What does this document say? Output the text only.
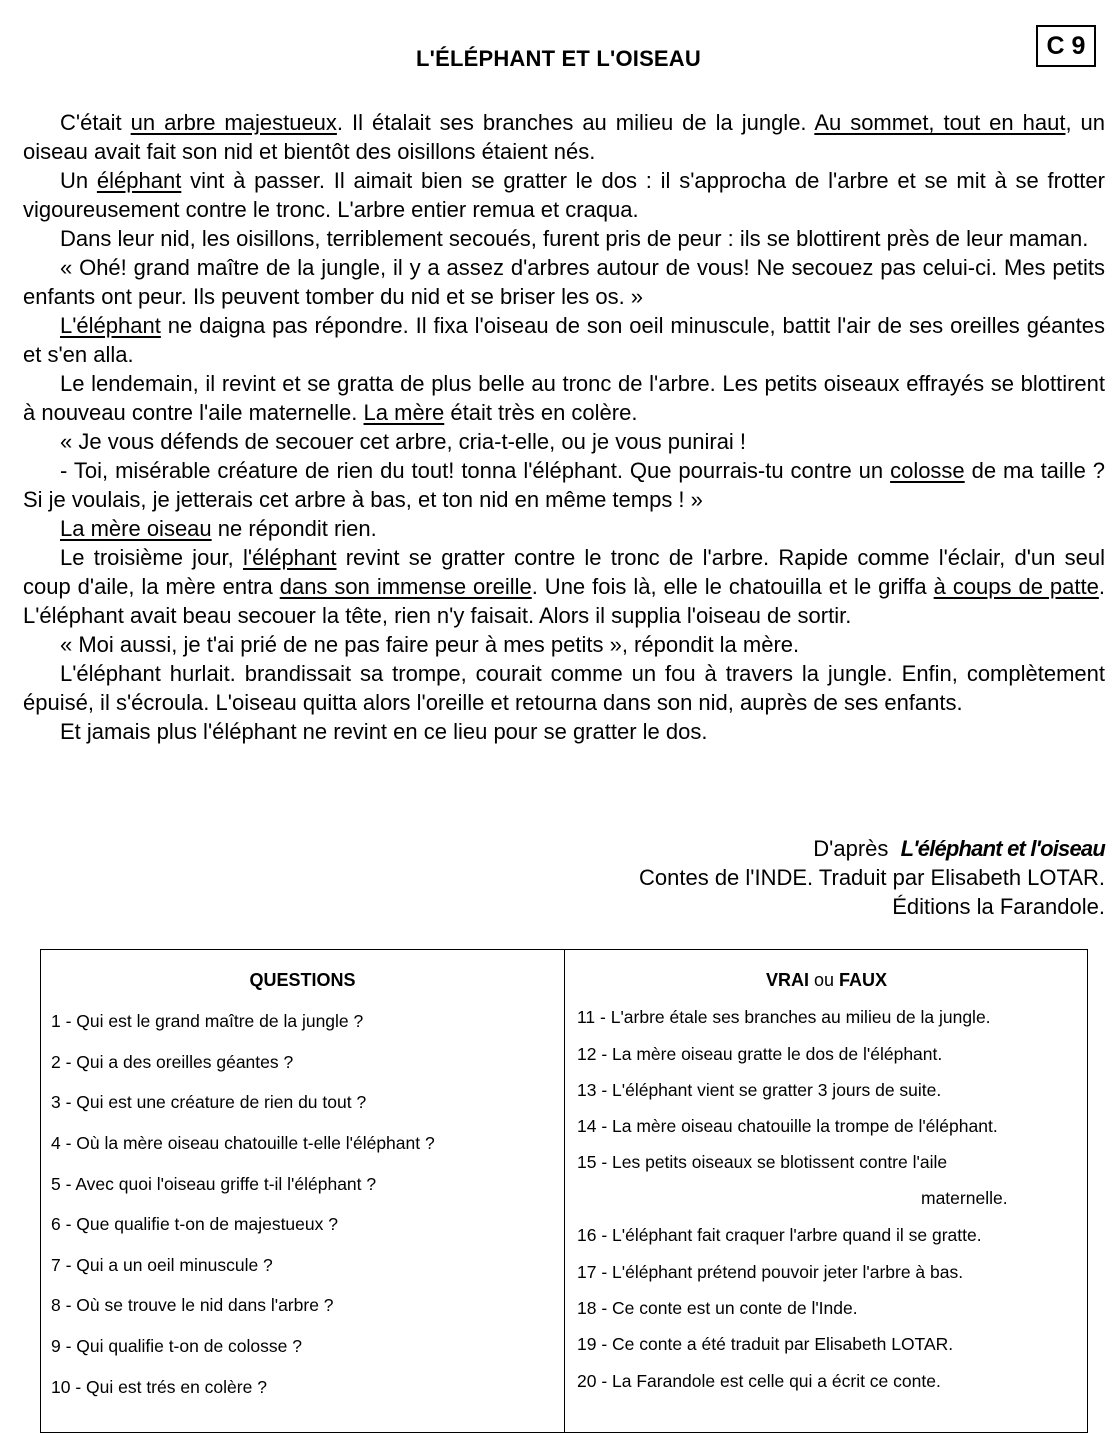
L'ÉLÉPHANT ET L'OISEAU	C 9

C'était un arbre majestueux. Il étalait ses branches au milieu de la jungle. Au sommet, tout en haut, un oiseau avait fait son nid et bientôt des oisillons étaient nés.

Un éléphant vint à passer. Il aimait bien se gratter le dos : il s'approcha de l'arbre et se mit à se frotter vigoureusement contre le tronc. L'arbre entier remua et craqua.

Dans leur nid, les oisillons, terriblement secoués, furent pris de peur : ils se blottirent près de leur maman.

« Ohé! grand maître de la jungle, il y a assez d'arbres autour de vous! Ne secouez pas celui-ci. Mes petits enfants ont peur. Ils peuvent tomber du nid et se briser les os. »

L'éléphant ne daigna pas répondre. Il fixa l'oiseau de son oeil minuscule, battit l'air de ses oreilles géantes et s'en alla.

Le lendemain, il revint et se gratta de plus belle au tronc de l'arbre. Les petits oiseaux effrayés se blottirent à nouveau contre l'aile maternelle. La mère était très en colère.

« Je vous défends de secouer cet arbre, cria-t-elle, ou je vous punirai !

- Toi, misérable créature de rien du tout! tonna l'éléphant. Que pourrais-tu contre un colosse de ma taille ? Si je voulais, je jetterais cet arbre à bas, et ton nid en même temps ! »

La mère oiseau ne répondit rien.

Le troisième jour, l'éléphant revint se gratter contre le tronc de l'arbre. Rapide comme l'éclair, d'un seul coup d'aile, la mère entra dans son immense oreille. Une fois là, elle le chatouilla et le griffa à coups de patte. L'éléphant avait beau secouer la tête, rien n'y faisait. Alors il supplia l'oiseau de sortir.

« Moi aussi, je t'ai prié de ne pas faire peur à mes petits », répondit la mère.

L'éléphant hurlait. brandissait sa trompe, courait comme un fou à travers la jungle. Enfin, complètement épuisé, il s'écroula. L'oiseau quitta alors l'oreille et retourna dans son nid, auprès de ses enfants.

Et jamais plus l'éléphant ne revint en ce lieu pour se gratter le dos.

D'après L'éléphant et l'oiseau
Contes de l'INDE. Traduit par Elisabeth LOTAR.
Éditions la Farandole.
QUESTIONS	VRAI ou FAUX
1 - Qui est le grand maître de la jungle ?
2 - Qui a des oreilles géantes ?
3 - Qui est une créature de rien du tout ?
4 - Où la mère oiseau chatouille t-elle l'éléphant ?
5 - Avec quoi l'oiseau griffe t-il l'éléphant ?
6 - Que qualifie t-on de majestueux ?
7 - Qui a un oeil minuscule ?
8 - Où se trouve le nid dans l'arbre ?
9 - Qui qualifie t-on de colosse ?
10 - Qui est trés en colère ?
11 - L'arbre étale ses branches au milieu de la jungle.
12 - La mère oiseau gratte le dos de l'éléphant.
13 - L'éléphant vient se gratter 3 jours de suite.
14 - La mère oiseau chatouille la trompe de l'éléphant.
15 - Les petits oiseaux se blotissent contre l'aile
maternelle.
16 - L'éléphant fait craquer l'arbre quand il se gratte.
17 - L'éléphant prétend pouvoir jeter l'arbre à bas.
18 - Ce conte est un conte de l'Inde.
19 - Ce conte a été traduit par Elisabeth LOTAR.
20 - La Farandole est celle qui a écrit ce conte.
